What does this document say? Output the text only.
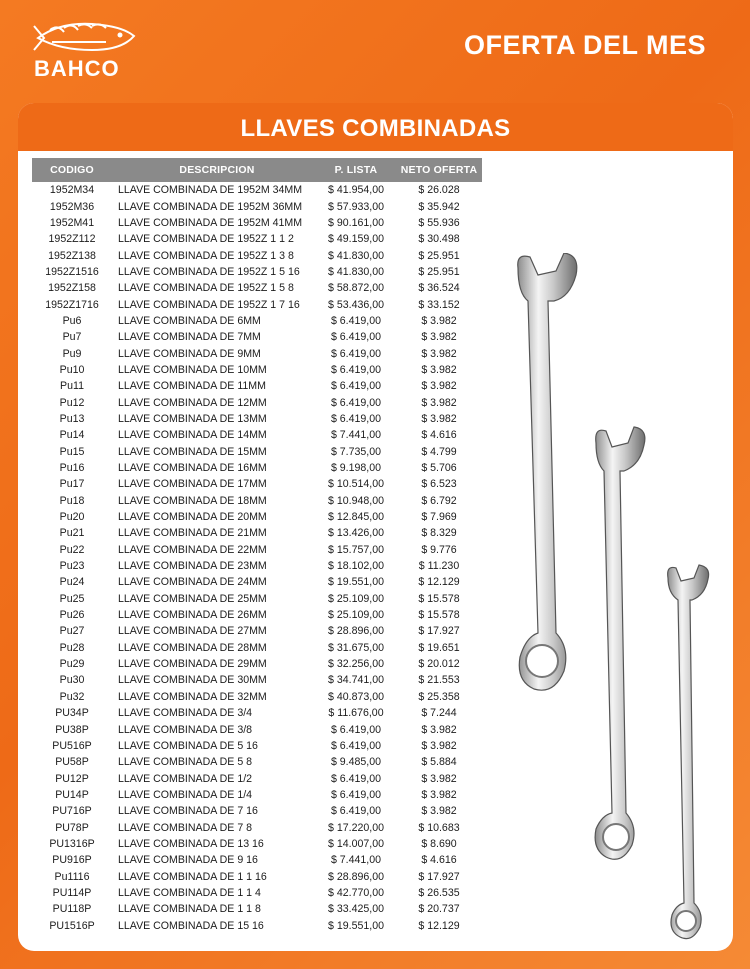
BAHCO
OFERTA DEL MES
LLAVES COMBINADAS
CODIGO	DESCRIPCION	P. LISTA	NETO OFERTA
1952M34	LLAVE COMBINADA DE 1952M 34MM	$ 41.954,00	$ 26.028
1952M36	LLAVE COMBINADA DE 1952M 36MM	$ 57.933,00	$ 35.942
1952M41	LLAVE COMBINADA DE 1952M 41MM	$ 90.161,00	$ 55.936
1952Z112	LLAVE COMBINADA DE 1952Z 1 1 2	$ 49.159,00	$ 30.498
1952Z138	LLAVE COMBINADA DE 1952Z 1 3 8	$ 41.830,00	$ 25.951
1952Z1516	LLAVE COMBINADA DE 1952Z 1 5 16	$ 41.830,00	$ 25.951
1952Z158	LLAVE COMBINADA DE 1952Z 1 5 8	$ 58.872,00	$ 36.524
1952Z1716	LLAVE COMBINADA DE 1952Z 1 7 16	$ 53.436,00	$ 33.152
Pu6	LLAVE COMBINADA DE 6MM	$ 6.419,00	$ 3.982
Pu7	LLAVE COMBINADA DE 7MM	$ 6.419,00	$ 3.982
Pu9	LLAVE COMBINADA DE 9MM	$ 6.419,00	$ 3.982
Pu10	LLAVE COMBINADA DE 10MM	$ 6.419,00	$ 3.982
Pu11	LLAVE COMBINADA DE 11MM	$ 6.419,00	$ 3.982
Pu12	LLAVE COMBINADA DE 12MM	$ 6.419,00	$ 3.982
Pu13	LLAVE COMBINADA DE 13MM	$ 6.419,00	$ 3.982
Pu14	LLAVE COMBINADA DE 14MM	$ 7.441,00	$ 4.616
Pu15	LLAVE COMBINADA DE 15MM	$ 7.735,00	$ 4.799
Pu16	LLAVE COMBINADA DE 16MM	$ 9.198,00	$ 5.706
Pu17	LLAVE COMBINADA DE 17MM	$ 10.514,00	$ 6.523
Pu18	LLAVE COMBINADA DE 18MM	$ 10.948,00	$ 6.792
Pu20	LLAVE COMBINADA DE 20MM	$ 12.845,00	$ 7.969
Pu21	LLAVE COMBINADA DE 21MM	$ 13.426,00	$ 8.329
Pu22	LLAVE COMBINADA DE 22MM	$ 15.757,00	$ 9.776
Pu23	LLAVE COMBINADA DE 23MM	$ 18.102,00	$ 11.230
Pu24	LLAVE COMBINADA DE 24MM	$ 19.551,00	$ 12.129
Pu25	LLAVE COMBINADA DE 25MM	$ 25.109,00	$ 15.578
Pu26	LLAVE COMBINADA DE 26MM	$ 25.109,00	$ 15.578
Pu27	LLAVE COMBINADA DE 27MM	$ 28.896,00	$ 17.927
Pu28	LLAVE COMBINADA DE 28MM	$ 31.675,00	$ 19.651
Pu29	LLAVE COMBINADA DE 29MM	$ 32.256,00	$ 20.012
Pu30	LLAVE COMBINADA DE 30MM	$ 34.741,00	$ 21.553
Pu32	LLAVE COMBINADA DE 32MM	$ 40.873,00	$ 25.358
PU34P	LLAVE COMBINADA DE 3/4	$ 11.676,00	$ 7.244
PU38P	LLAVE COMBINADA DE 3/8	$ 6.419,00	$ 3.982
PU516P	LLAVE COMBINADA DE 5 16	$ 6.419,00	$ 3.982
PU58P	LLAVE COMBINADA DE 5 8	$ 9.485,00	$ 5.884
PU12P	LLAVE COMBINADA DE 1/2	$ 6.419,00	$ 3.982
PU14P	LLAVE COMBINADA DE 1/4	$ 6.419,00	$ 3.982
PU716P	LLAVE COMBINADA DE 7 16	$ 6.419,00	$ 3.982
PU78P	LLAVE COMBINADA DE 7 8	$ 17.220,00	$ 10.683
PU1316P	LLAVE COMBINADA DE 13 16	$ 14.007,00	$ 8.690
PU916P	LLAVE COMBINADA DE 9 16	$ 7.441,00	$ 4.616
Pu1116	LLAVE COMBINADA DE 1 1 16	$ 28.896,00	$ 17.927
PU114P	LLAVE COMBINADA DE 1 1 4	$ 42.770,00	$ 26.535
PU118P	LLAVE COMBINADA DE 1 1 8	$ 33.425,00	$ 20.737
PU1516P	LLAVE COMBINADA DE 15 16	$ 19.551,00	$ 12.129
